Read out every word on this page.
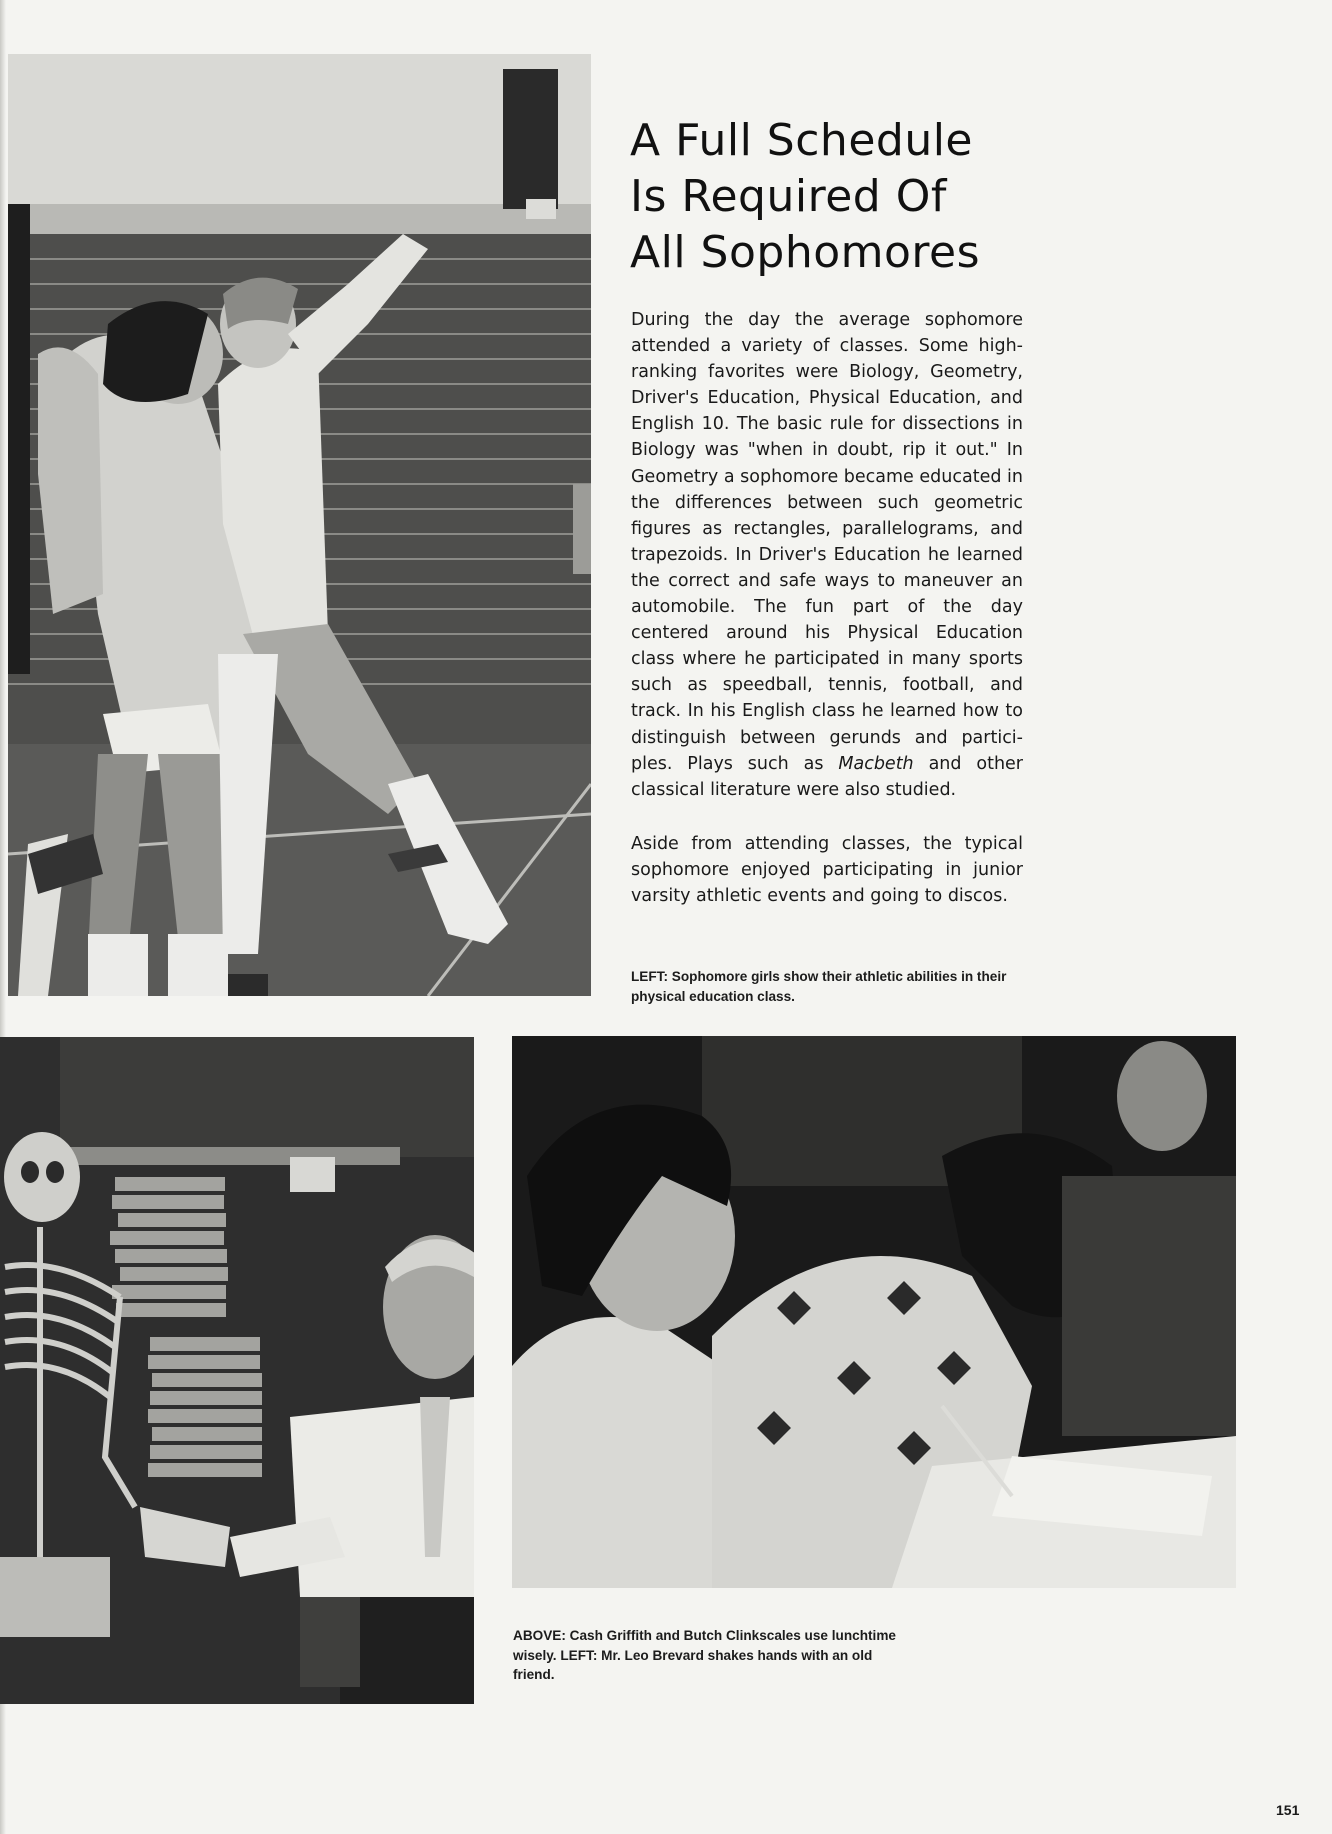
A Full Schedule
Is Required Of
All Sophomores

During the day the average sophomore attended a variety of classes. Some high-ranking favorites were Biology, Geometry, Driver's Education, Physical Education, and English 10. The basic rule for dissections in Biology was "when in doubt, rip it out." In Geometry a sophomore became educated in the differences between such geometric figures as rectangles, parallelograms, and trapezoids. In Driver's Education he learned the correct and safe ways to maneuver an automobile. The fun part of the day centered around his Physical Education class where he participated in many sports such as speedball, tennis, football, and track. In his English class he learned how to distinguish between gerunds and partici-ples. Plays such as Macbeth and other classical literature were also studied.

Aside from attending classes, the typical sophomore enjoyed participating in junior varsity athletic events and going to discos.

LEFT: Sophomore girls show their athletic abilities in their physical education class.
ABOVE: Cash Griffith and Butch Clinkscales use lunchtime wisely. LEFT: Mr. Leo Brevard shakes hands with an old friend.
151
